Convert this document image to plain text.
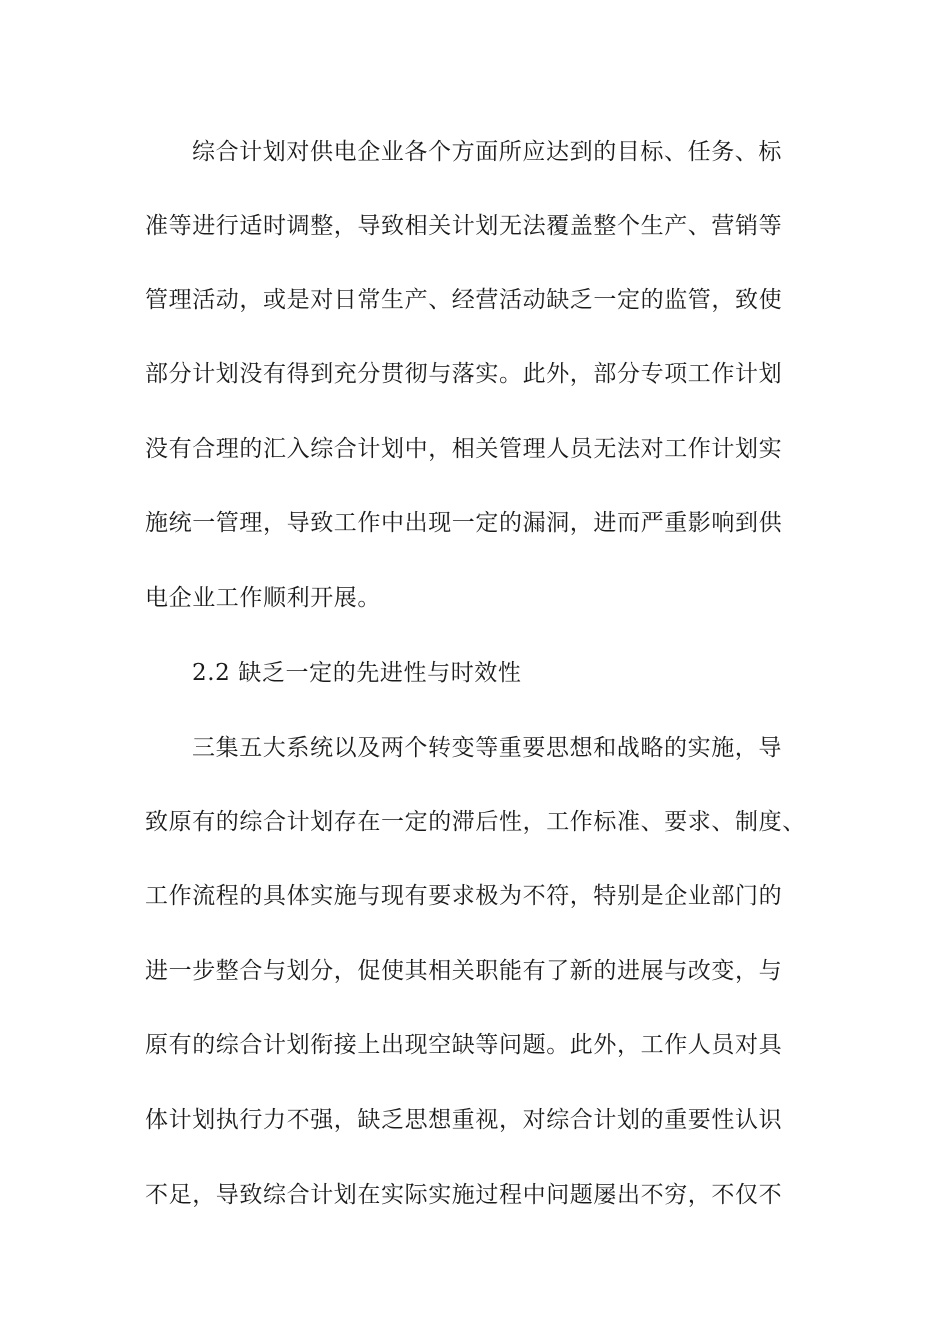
综合计划对供电企业各个方面所应达到的目标、任务、标
准等进行适时调整，导致相关计划无法覆盖整个生产、营销等
管理活动，或是对日常生产、经营活动缺乏一定的监管，致使
部分计划没有得到充分贯彻与落实。此外，部分专项工作计划
没有合理的汇入综合计划中，相关管理人员无法对工作计划实
施统一管理，导致工作中出现一定的漏洞，进而严重影响到供
电企业工作顺利开展。
2.2 缺乏一定的先进性与时效性
三集五大系统以及两个转变等重要思想和战略的实施，导
致原有的综合计划存在一定的滞后性，工作标准、要求、制度、
工作流程的具体实施与现有要求极为不符，特别是企业部门的
进一步整合与划分，促使其相关职能有了新的进展与改变，与
原有的综合计划衔接上出现空缺等问题。此外，工作人员对具
体计划执行力不强，缺乏思想重视，对综合计划的重要性认识
不足，导致综合计划在实际实施过程中问题屡出不穷，不仅不
